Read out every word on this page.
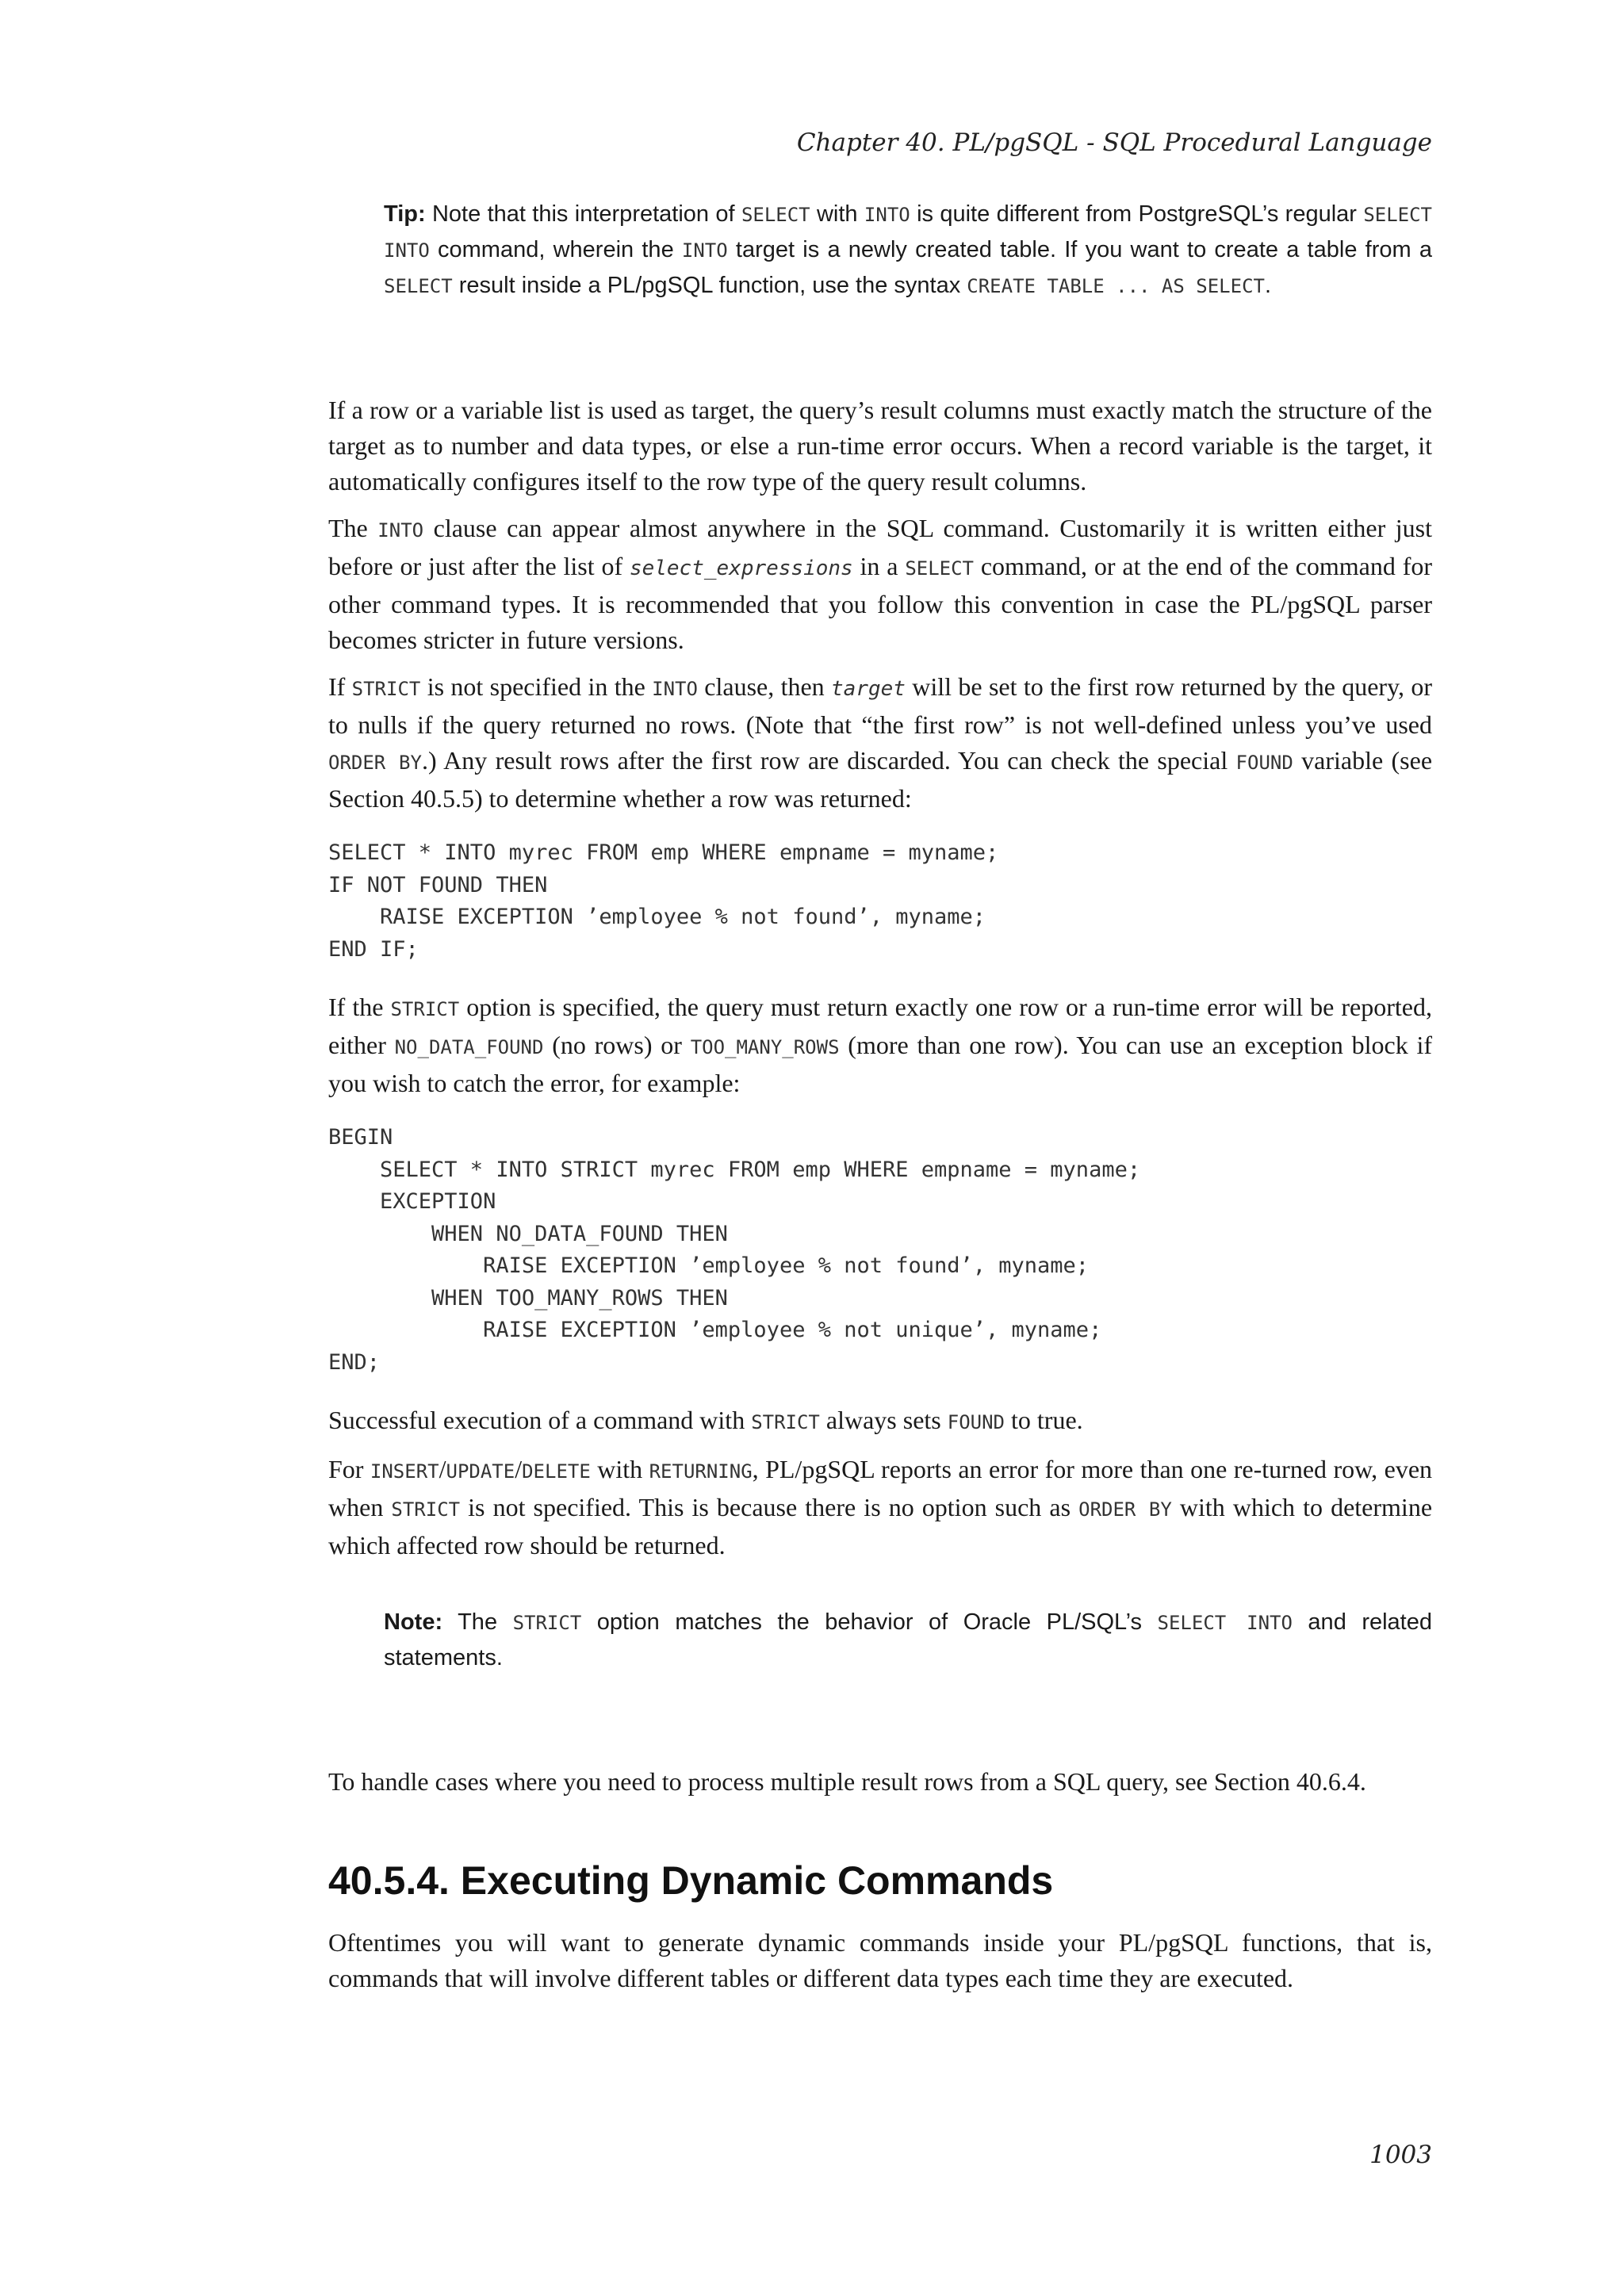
Chapter 40. PL/pgSQL - SQL Procedural Language
Tip: Note that this interpretation of SELECT with INTO is quite different from PostgreSQL’s regular SELECT INTO command, wherein the INTO target is a newly created table. If you want to create a table from a SELECT result inside a PL/pgSQL function, use the syntax CREATE TABLE ... AS SELECT.

If a row or a variable list is used as target, the query’s result columns must exactly match the structure of the target as to number and data types, or else a run-time error occurs. When a record variable is the target, it automatically configures itself to the row type of the query result columns.

The INTO clause can appear almost anywhere in the SQL command. Customarily it is written either just before or just after the list of select_expressions in a SELECT command, or at the end of the command for other command types. It is recommended that you follow this convention in case the PL/pgSQL parser becomes stricter in future versions.

If STRICT is not specified in the INTO clause, then target will be set to the first row returned by the query, or to nulls if the query returned no rows. (Note that “the first row” is not well-defined unless you’ve used ORDER BY.) Any result rows after the first row are discarded. You can check the special FOUND variable (see Section 40.5.5) to determine whether a row was returned:

SELECT * INTO myrec FROM emp WHERE empname = myname;
IF NOT FOUND THEN
RAISE EXCEPTION ’employee % not found’, myname;
END IF;

If the STRICT option is specified, the query must return exactly one row or a run-time error will be reported, either NO_DATA_FOUND (no rows) or TOO_MANY_ROWS (more than one row). You can use an exception block if you wish to catch the error, for example:

BEGIN
SELECT * INTO STRICT myrec FROM emp WHERE empname = myname;
EXCEPTION
WHEN NO_DATA_FOUND THEN
RAISE EXCEPTION ’employee % not found’, myname;
WHEN TOO_MANY_ROWS THEN
RAISE EXCEPTION ’employee % not unique’, myname;
END;

Successful execution of a command with STRICT always sets FOUND to true.

For INSERT/UPDATE/DELETE with RETURNING, PL/pgSQL reports an error for more than one re-turned row, even when STRICT is not specified. This is because there is no option such as ORDER BY with which to determine which affected row should be returned.

Note: The STRICT option matches the behavior of Oracle PL/SQL’s SELECT INTO and related statements.

To handle cases where you need to process multiple result rows from a SQL query, see Section 40.6.4.

40.5.4. Executing Dynamic Commands

Oftentimes you will want to generate dynamic commands inside your PL/pgSQL functions, that is, commands that will involve different tables or different data types each time they are executed.

1003
